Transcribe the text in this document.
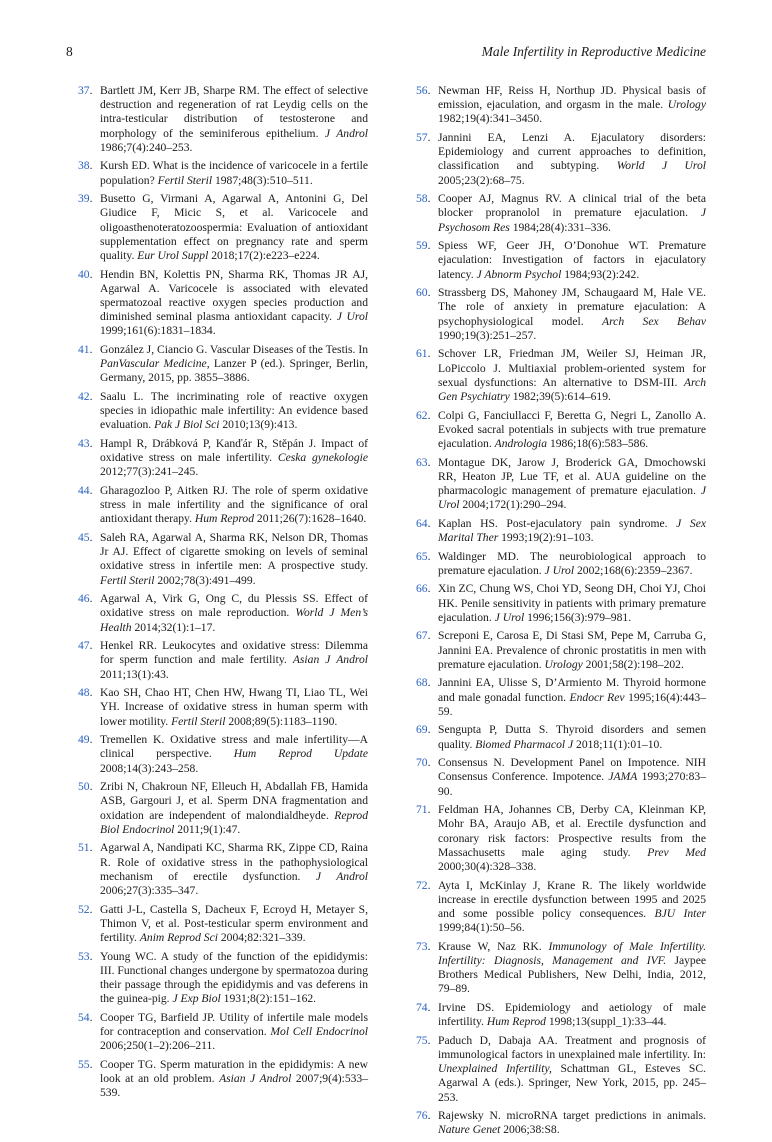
8	Male Infertility in Reproductive Medicine
37 . Bartlett JM, Kerr JB, Sharpe RM. The effect of selective destruction and regeneration of rat Leydig cells on the intra-testicular distribution of testosterone and morphology of the seminiferous epithelium. J Androl 1986;7(4):240–253.
38 . Kursh ED. What is the incidence of varicocele in a fertile population? Fertil Steril 1987;48(3):510–511.
39 . Busetto G, Virmani A, Agarwal A, Antonini G, Del Giudice F, Micic S, et al. Varicocele and oligoasthenoteratozoospermia: Evaluation of antioxidant supplementation effect on pregnancy rate and sperm quality. Eur Urol Suppl 2018;17(2):e223–e224.
40 . Hendin BN, Kolettis PN, Sharma RK, Thomas JR AJ, Agarwal A. Varicocele is associated with elevated spermatozoal reactive oxygen species production and diminished seminal plasma antioxidant capacity. J Urol 1999;161(6):1831–1834.
41 . González J, Ciancio G. Vascular Diseases of the Testis. In PanVascular Medicine, Lanzer P (ed.). Springer, Berlin, Germany, 2015, pp. 3855–3886.
42 . Saalu L. The incriminating role of reactive oxygen species in idiopathic male infertility: An evidence based evaluation. Pak J Biol Sci 2010;13(9):413.
43 . Hampl R, Drábková P, Kanďár R, Stěpán J. Impact of oxidative stress on male infertility. Ceska gynekologie 2012;77(3):241–245.
44 . Gharagozloo P, Aitken RJ. The role of sperm oxidative stress in male infertility and the significance of oral antioxidant therapy. Hum Reprod 2011;26(7):1628–1640.
45 . Saleh RA, Agarwal A, Sharma RK, Nelson DR, Thomas Jr AJ. Effect of cigarette smoking on levels of seminal oxidative stress in infertile men: A prospective study. Fertil Steril 2002;78(3):491–499.
46 . Agarwal A, Virk G, Ong C, du Plessis SS. Effect of oxidative stress on male reproduction. World J Men’s Health 2014;32(1):1–17.
47 . Henkel RR. Leukocytes and oxidative stress: Dilemma for sperm function and male fertility. Asian J Androl 2011;13(1):43.
48 . Kao SH, Chao HT, Chen HW, Hwang TI, Liao TL, Wei YH. Increase of oxidative stress in human sperm with lower motility. Fertil Steril 2008;89(5):1183–1190.
49 . Tremellen K. Oxidative stress and male infertility—A clinical perspective. Hum Reprod Update 2008;14(3):243–258.
50 . Zribi N, Chakroun NF, Elleuch H, Abdallah FB, Hamida ASB, Gargouri J, et al. Sperm DNA fragmentation and oxidation are independent of malondialdheyde. Reprod Biol Endocrinol 2011;9(1):47.
51 . Agarwal A, Nandipati KC, Sharma RK, Zippe CD, Raina R. Role of oxidative stress in the pathophysiological mechanism of erectile dysfunction. J Androl 2006;27(3):335–347.
52 . Gatti J-L, Castella S, Dacheux F, Ecroyd H, Metayer S, Thimon V, et al. Post-testicular sperm environment and fertility. Anim Reprod Sci 2004;82:321–339.
53 . Young WC. A study of the function of the epididymis: III. Functional changes undergone by spermatozoa during their passage through the epididymis and vas deferens in the guinea-pig. J Exp Biol 1931;8(2):151–162.
54 . Cooper TG, Barfield JP. Utility of infertile male models for contraception and conservation. Mol Cell Endocrinol 2006;250(1–2):206–211.
55 . Cooper TG. Sperm maturation in the epididymis: A new look at an old problem. Asian J Androl 2007;9(4):533–539.
56 . Newman HF, Reiss H, Northup JD. Physical basis of emission, ejaculation, and orgasm in the male. Urology 1982;19(4):341–3450.
57 . Jannini EA, Lenzi A. Ejaculatory disorders: Epidemiology and current approaches to definition, classification and subtyping. World J Urol 2005;23(2):68–75.
58 . Cooper AJ, Magnus RV. A clinical trial of the beta blocker propranolol in premature ejaculation. J Psychosom Res 1984;28(4):331–336.
59 . Spiess WF, Geer JH, O’Donohue WT. Premature ejaculation: Investigation of factors in ejaculatory latency. J Abnorm Psychol 1984;93(2):242.
60 . Strassberg DS, Mahoney JM, Schaugaard M, Hale VE. The role of anxiety in premature ejaculation: A psychophysiological model. Arch Sex Behav 1990;19(3):251–257.
61 . Schover LR, Friedman JM, Weiler SJ, Heiman JR, LoPiccolo J. Multiaxial problem-oriented system for sexual dysfunctions: An alternative to DSM-III. Arch Gen Psychiatry 1982;39(5):614–619.
62 . Colpi G, Fanciullacci F, Beretta G, Negri L, Zanollo A. Evoked sacral potentials in subjects with true premature ejaculation. Andrologia 1986;18(6):583–586.
63 . Montague DK, Jarow J, Broderick GA, Dmochowski RR, Heaton JP, Lue TF, et al. AUA guideline on the pharmacologic management of premature ejaculation. J Urol 2004;172(1):290–294.
64 . Kaplan HS. Post-ejaculatory pain syndrome. J Sex Marital Ther 1993;19(2):91–103.
65 . Waldinger MD. The neurobiological approach to premature ejaculation. J Urol 2002;168(6):2359–2367.
66 . Xin ZC, Chung WS, Choi YD, Seong DH, Choi YJ, Choi HK. Penile sensitivity in patients with primary premature ejaculation. J Urol 1996;156(3):979–981.
67 . Screponi E, Carosa E, Di Stasi SM, Pepe M, Carruba G, Jannini EA. Prevalence of chronic prostatitis in men with premature ejaculation. Urology 2001;58(2):198–202.
68 . Jannini EA, Ulisse S, D’Armiento M. Thyroid hormone and male gonadal function. Endocr Rev 1995;16(4):443–59.
69 . Sengupta P, Dutta S. Thyroid disorders and semen quality. Biomed Pharmacol J 2018;11(1):01–10.
70 . Consensus N. Development Panel on Impotence. NIH Consensus Conference. Impotence. JAMA 1993;270:83–90.
71 . Feldman HA, Johannes CB, Derby CA, Kleinman KP, Mohr BA, Araujo AB, et al. Erectile dysfunction and coronary risk factors: Prospective results from the Massachusetts male aging study. Prev Med 2000;30(4):328–338.
72 . Ayta I, McKinlay J, Krane R. The likely worldwide increase in erectile dysfunction between 1995 and 2025 and some possible policy consequences. BJU Inter 1999;84(1):50–56.
73 . Krause W, Naz RK. Immunology of Male Infertility. Infertility: Diagnosis, Management and IVF. Jaypee Brothers Medical Publishers, New Delhi, India, 2012, 79–89.
74 . Irvine DS. Epidemiology and aetiology of male infertility. Hum Reprod 1998;13(suppl_1):33–44.
75 . Paduch D, Dabaja AA. Treatment and prognosis of immunological factors in unexplained male infertility. In: Unexplained Infertility, Schattman GL, Esteves SC. Agarwal A (eds.). Springer, New York, 2015, pp. 245–253.
76 . Rajewsky N. microRNA target predictions in animals. Nature Genet 2006;38:S8.
